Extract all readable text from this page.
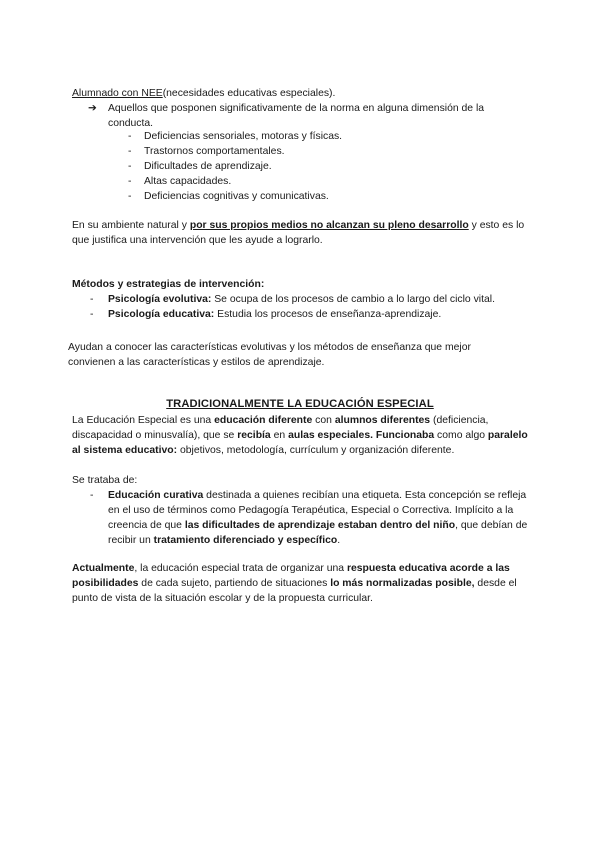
Alumnado con NEE(necesidades educativas especiales).
➔ Aquellos que posponen significativamente de la norma en alguna dimensión de la conducta.
- Deficiencias sensoriales, motoras y físicas.
- Trastornos comportamentales.
- Dificultades de aprendizaje.
- Altas capacidades.
- Deficiencias cognitivas y comunicativas.
En su ambiente natural y por sus propios medios no alcanzan su pleno desarrollo y esto es lo que justifica una intervención que les ayude a lograrlo.
Métodos y estrategias de intervención:
- Psicología evolutiva: Se ocupa de los procesos de cambio a lo largo del ciclo vital.
- Psicología educativa: Estudia los procesos de enseñanza-aprendizaje.
Ayudan a conocer las características evolutivas y los métodos de enseñanza que mejor convienen a las características y estilos de aprendizaje.
TRADICIONALMENTE LA EDUCACIÓN ESPECIAL
La Educación Especial es una educación diferente con alumnos diferentes (deficiencia, discapacidad o minusvalía), que se recibía en aulas especiales. Funcionaba como algo paralelo al sistema educativo: objetivos, metodología, currículum y organización diferente.
Se trataba de:
- Educación curativa destinada a quienes recibían una etiqueta. Esta concepción se refleja en el uso de términos como Pedagogía Terapéutica, Especial o Correctiva. Implícito a la creencia de que las dificultades de aprendizaje estaban dentro del niño, que debían de recibir un tratamiento diferenciado y específico.
Actualmente, la educación especial trata de organizar una respuesta educativa acorde a las posibilidades de cada sujeto, partiendo de situaciones lo más normalizadas posible, desde el punto de vista de la situación escolar y de la propuesta curricular.
